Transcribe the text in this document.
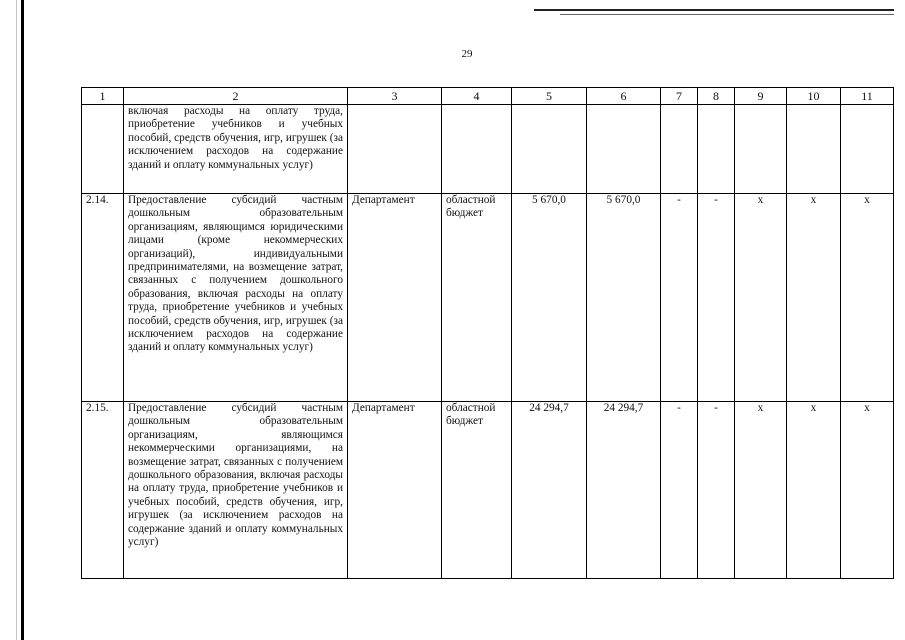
29
1	2	3	4	5	6	7	8	9	10	11
	включая расходы на оплату труда, приобретение учебников и учебных пособий, средств обучения, игр, игрушек (за исключением расходов на содержание зданий и оплату коммунальных услуг)									
2.14.	Предоставление субсидий частным дошкольным образовательным организациям, являющимся юридическими лицами (кроме некоммерческих организаций), индивидуальными предпринимателями, на возмещение затрат, связанных с получением дошкольного образования, включая расходы на оплату труда, приобретение учебников и учебных пособий, средств обучения, игр, игрушек (за исключением расходов на содержание зданий и оплату коммунальных услуг)	Департамент	областной бюджет	5 670,0	5 670,0	-	-	х	х	х
2.15.	Предоставление субсидий частным дошкольным образовательным организациям, являющимся некоммерческими организациями, на возмещение затрат, связанных с получением дошкольного образования, включая расходы на оплату труда, приобретение учебников и учебных пособий, средств обучения, игр, игрушек (за исключением расходов на содержание зданий и оплату коммунальных услуг)	Департамент	областной бюджет	24 294,7	24 294,7	-	-	х	х	х
